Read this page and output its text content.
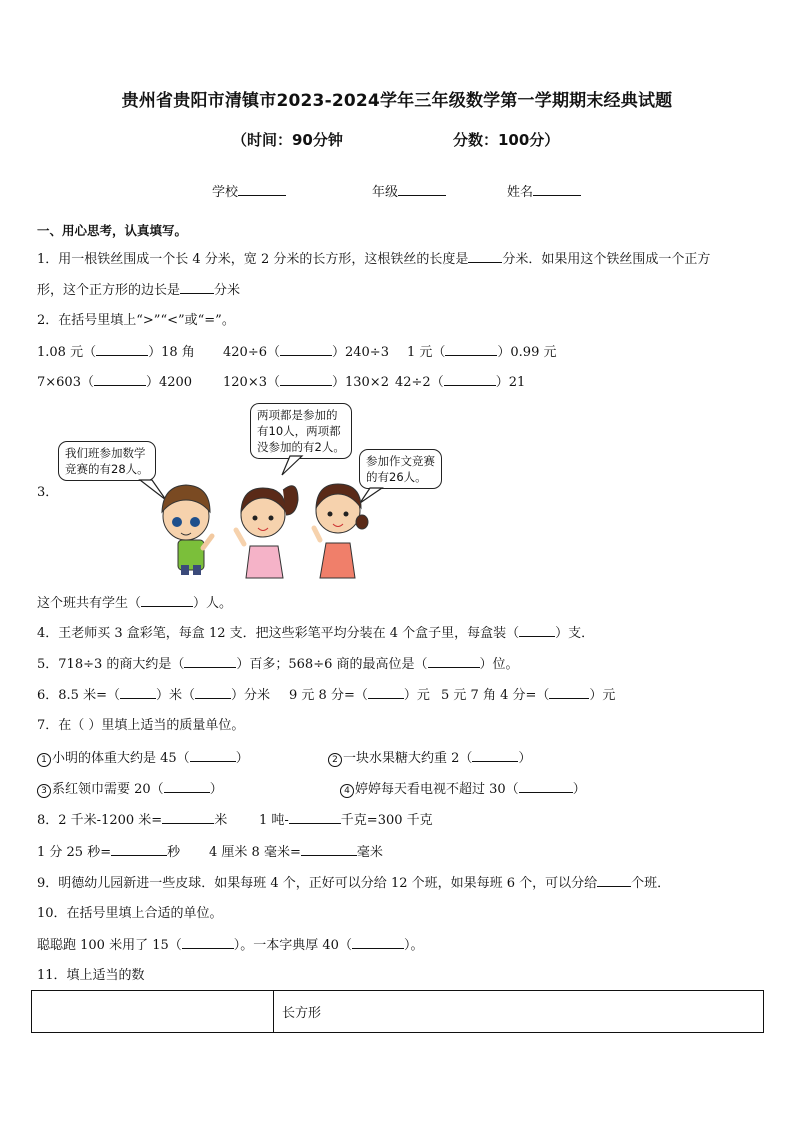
贵州省贵阳市清镇市2023-2024学年三年级数学第一学期期末经典试题
（时间：90分钟	分数：100分）
学校	年级	姓名
一、用心思考，认真填写。
1．用一根铁丝围成一个长 4 分米，宽 2 分米的长方形，这根铁丝的长度是	分米．如果用这个铁丝围成一个正方
形，这个正方形的边长是	分米
2．在括号里填上“>”“<”或“=”。
1.08 元（	）18 角 420÷6（	）240÷3 1 元（	）0.99 元
7×603（	）4200 120×3（	）130×2 42÷2（	）21
3．
我们班参加数学
竞赛的有28人。
两项都是参加的
有10人，两项都
没参加的有2人。
参加作文竞赛
的有26人。
这个班共有学生（	）人。
4．王老师买 3 盒彩笔，每盒 12 支．把这些彩笔平均分装在 4 个盒子里，每盒装（	）支．
5．718÷3 的商大约是（	）百多；568÷6 商的最高位是（	）位。
6．8.5 米=（	）米（	）分米 9 元 8 分=（	）元 5 元 7 角 4 分=（	）元
7．在（ ）里填上适当的质量单位。
1 小明的体重大约是 45（	）	2 一块水果糖大约重 2（	）
3 系红领巾需要 20（	）	4 婷婷每天看电视不超过 30（	）
8．2 千米-1200 米=	米 1 吨-	千克=300 千克
1 分 25 秒=	秒 4 厘米 8 毫米=	毫米
9．明德幼儿园新进一些皮球．如果每班 4 个，正好可以分给 12 个班，如果每班 6 个，可以分给	个班．
10．在括号里填上合适的单位。
聪聪跑 100 米用了 15（	）。一本字典厚 40（	）。
11．填上适当的数
	长方形
